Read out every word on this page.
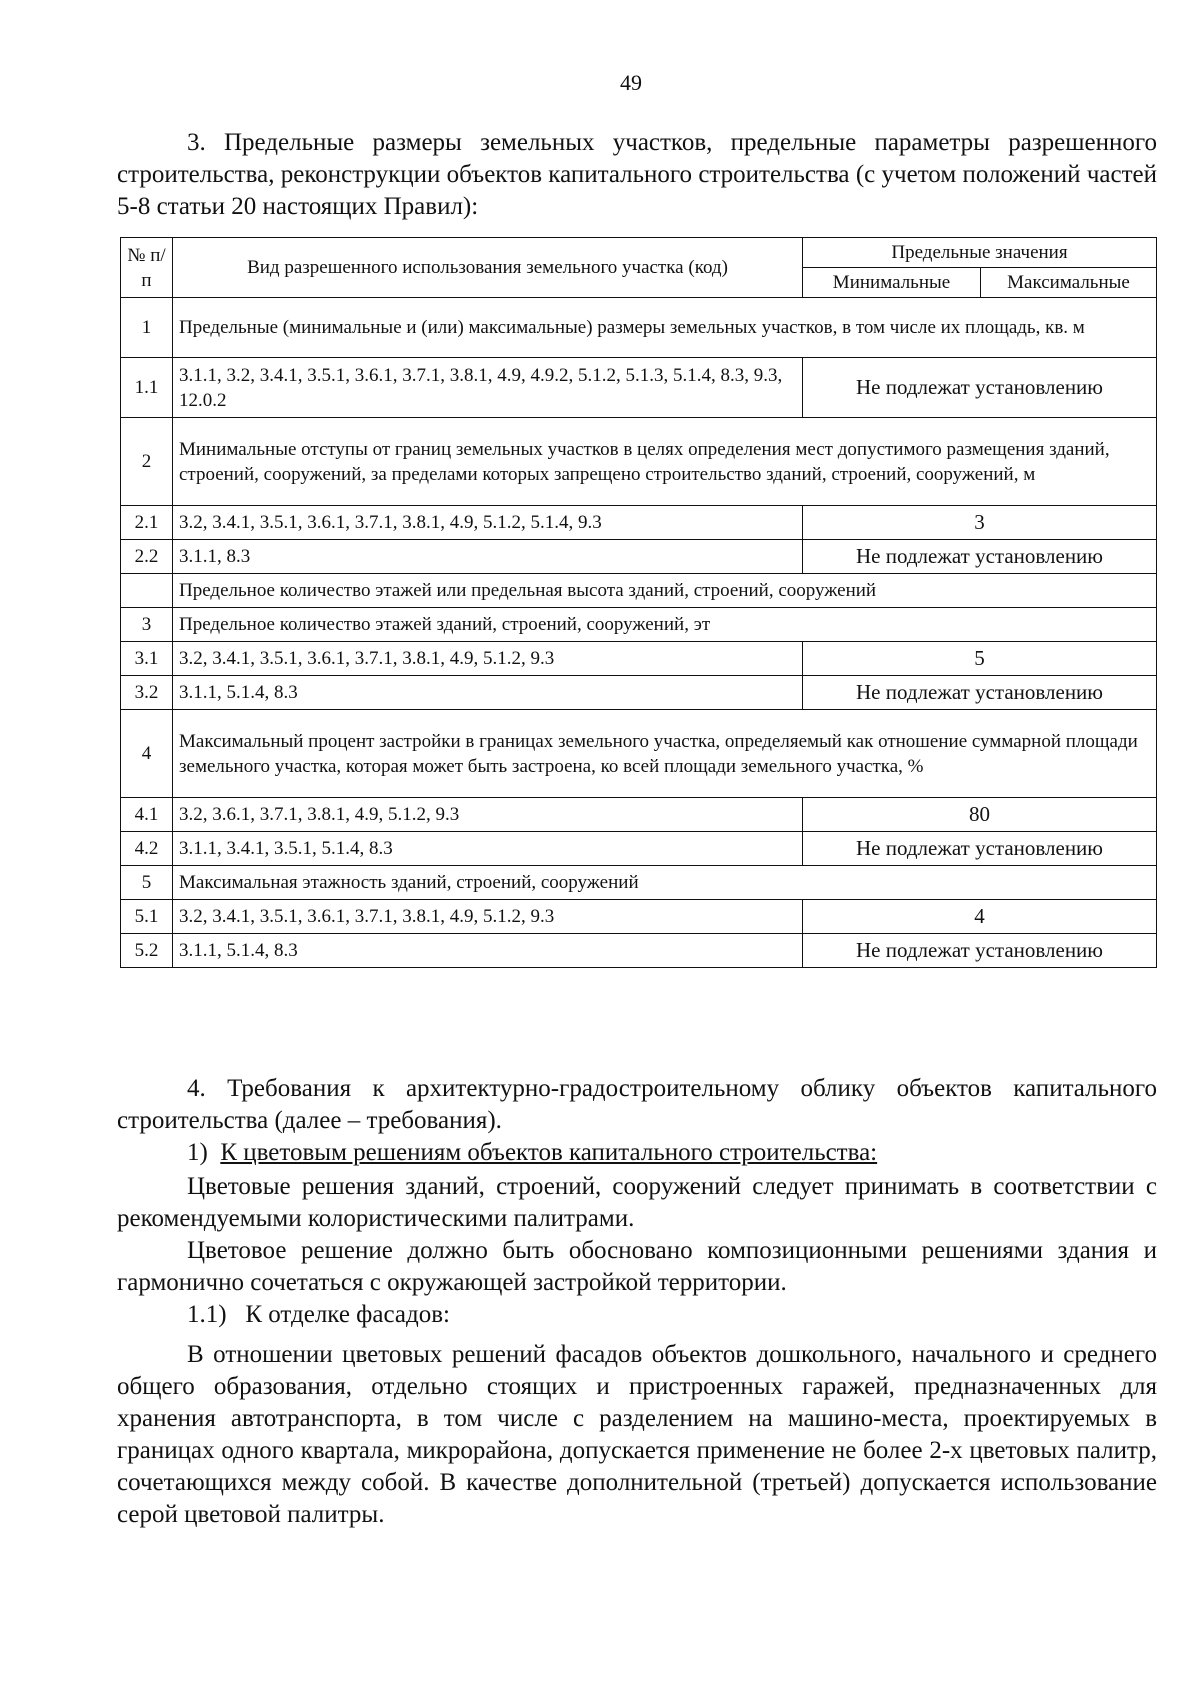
49

3. Предельные размеры земельных участков, предельные параметры разрешенного строительства, реконструкции объектов капитального строительства (с учетом положений частей 5-8 статьи 20 настоящих Правил):

№ п/п	Вид разрешенного использования земельного участка (код)	Предельные значения	
		Минимальные	Максимальные
1	Предельные (минимальные и (или) максимальные) размеры земельных участков, в том числе их площадь, кв. м		
1.1	3.1.1, 3.2, 3.4.1, 3.5.1, 3.6.1, 3.7.1, 3.8.1, 4.9, 4.9.2, 5.1.2, 5.1.3, 5.1.4, 8.3, 9.3, 12.0.2	Не подлежат установлению	
2	Минимальные отступы от границ земельных участков в целях определения мест допустимого размещения зданий, строений, сооружений, за пределами которых запрещено строительство зданий, строений, сооружений, м		
2.1	3.2, 3.4.1, 3.5.1, 3.6.1, 3.7.1, 3.8.1, 4.9, 5.1.2, 5.1.4, 9.3	3	
2.2	3.1.1, 8.3	Не подлежат установлению	
	Предельное количество этажей или предельная высота зданий, строений, сооружений		
3	Предельное количество этажей зданий, строений, сооружений, эт		
3.1	3.2, 3.4.1, 3.5.1, 3.6.1, 3.7.1, 3.8.1, 4.9, 5.1.2, 9.3	5	
3.2	3.1.1, 5.1.4, 8.3	Не подлежат установлению	
4	Максимальный процент застройки в границах земельного участка, определяемый как отношение суммарной площади земельного участка, которая может быть застроена, ко всей площади земельного участка, %		
4.1	3.2, 3.6.1, 3.7.1, 3.8.1, 4.9, 5.1.2, 9.3	80	
4.2	3.1.1, 3.4.1, 3.5.1, 5.1.4, 8.3	Не подлежат установлению	
5	Максимальная этажность зданий, строений, сооружений		
5.1	3.2, 3.4.1, 3.5.1, 3.6.1, 3.7.1, 3.8.1, 4.9, 5.1.2, 9.3	4	
5.2	3.1.1, 5.1.4, 8.3	Не подлежат установлению	

4. Требования к архитектурно-градостроительному облику объектов капитального строительства (далее – требования).

1) К цветовым решениям объектов капитального строительства:

Цветовые решения зданий, строений, сооружений следует принимать в соответствии с рекомендуемыми колористическими палитрами.

Цветовое решение должно быть обосновано композиционными решениями здания и гармонично сочетаться с окружающей застройкой территории.

1.1) К отделке фасадов:

В отношении цветовых решений фасадов объектов дошкольного, начального и среднего общего образования, отдельно стоящих и пристроенных гаражей, предназначенных для хранения автотранспорта, в том числе с разделением на машино-места, проектируемых в границах одного квартала, микрорайона, допускается применение не более 2-х цветовых палитр, сочетающихся между собой. В качестве дополнительной (третьей) допускается использование серой цветовой палитры.
